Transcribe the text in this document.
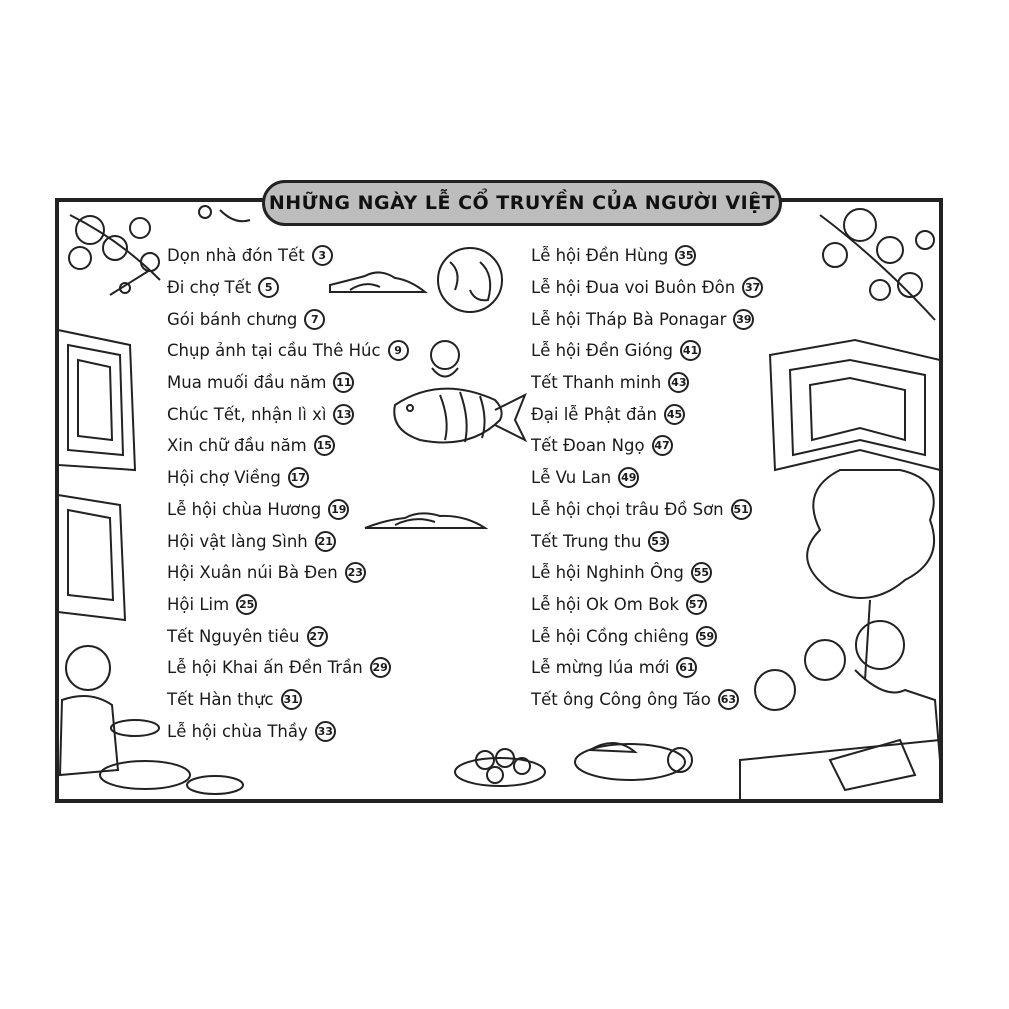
NHỮNG NGÀY LỄ CỔ TRUYỀN CỦA NGƯỜI VIỆT
Dọn nhà đón Tết	3
Đi chợ Tết	5
Gói bánh chưng	7
Chụp ảnh tại cầu Thê Húc	9
Mua muối đầu năm 11
Chúc Tết, nhận lì xì 13
Xin chữ đầu năm 15
Hội chợ Viềng 17
Lễ hội chùa Hương 19
Hội vật làng Sình 21
Hội Xuân núi Bà Đen 23
Hội Lim 25
Tết Nguyên tiêu 27
Lễ hội Khai ấn Đền Trần 29
Tết Hàn thực 31
Lễ hội chùa Thầy 33
Lễ hội Đền Hùng 35
Lễ hội Đua voi Buôn Đôn 37
Lễ hội Tháp Bà Ponagar 39
Lễ hội Đền Gióng 41
Tết Thanh minh 43
Đại lễ Phật đản 45
Tết Đoan Ngọ 47
Lễ Vu Lan 49
Lễ hội chọi trâu Đồ Sơn 51
Tết Trung thu 53
Lễ hội Nghinh Ông 55
Lễ hội Ok Om Bok 57
Lễ hội Cồng chiêng 59
Lễ mừng lúa mới 61
Tết ông Công ông Táo 63
